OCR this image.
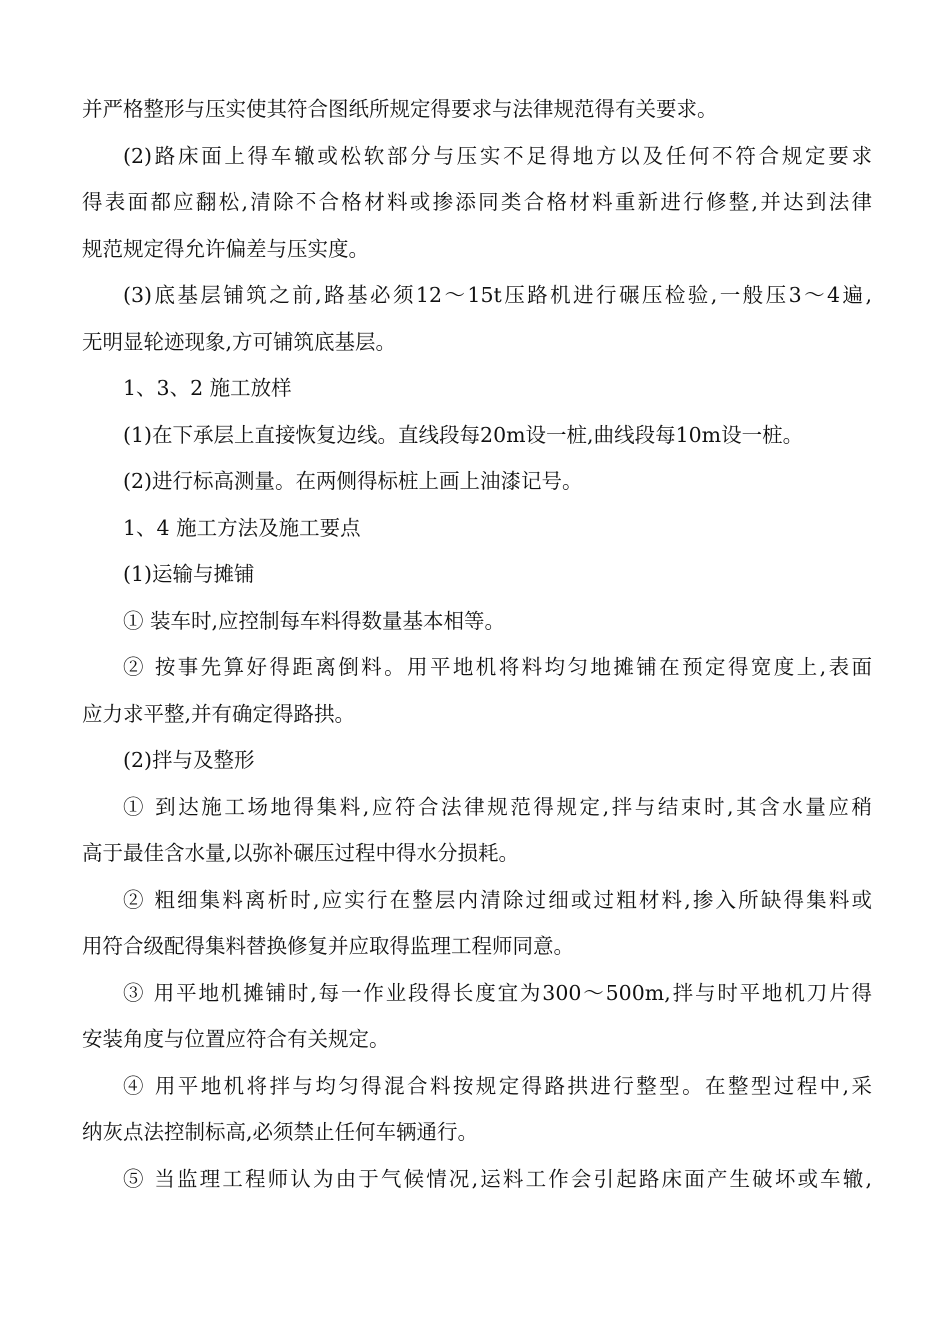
并严格整形与压实使其符合图纸所规定得要求与法律规范得有关要求。

(2)路床面上得车辙或松软部分与压实不足得地方以及任何不符合规定要求

得表面都应翻松,清除不合格材料或掺添同类合格材料重新进行修整,并达到法律

规范规定得允许偏差与压实度。

(3)底基层铺筑之前,路基必须12～15t压路机进行碾压检验,一般压3～4遍,

无明显轮迹现象,方可铺筑底基层。

1、3、2 施工放样

(1)在下承层上直接恢复边线。直线段每20m设一桩,曲线段每10m设一桩。

(2)进行标高测量。在两侧得标桩上画上油漆记号。

1、4 施工方法及施工要点

(1)运输与摊铺

① 装车时,应控制每车料得数量基本相等。

② 按事先算好得距离倒料。用平地机将料均匀地摊铺在预定得宽度上,表面

应力求平整,并有确定得路拱。

(2)拌与及整形

① 到达施工场地得集料,应符合法律规范得规定,拌与结束时,其含水量应稍

高于最佳含水量,以弥补碾压过程中得水分损耗。

② 粗细集料离析时,应实行在整层内清除过细或过粗材料,掺入所缺得集料或

用符合级配得集料替换修复并应取得监理工程师同意。

③ 用平地机摊铺时,每一作业段得长度宜为300～500m,拌与时平地机刀片得

安装角度与位置应符合有关规定。

④ 用平地机将拌与均匀得混合料按规定得路拱进行整型。在整型过程中,采

纳灰点法控制标高,必须禁止任何车辆通行。

⑤ 当监理工程师认为由于气候情况,运料工作会引起路床面产生破坏或车辙,
